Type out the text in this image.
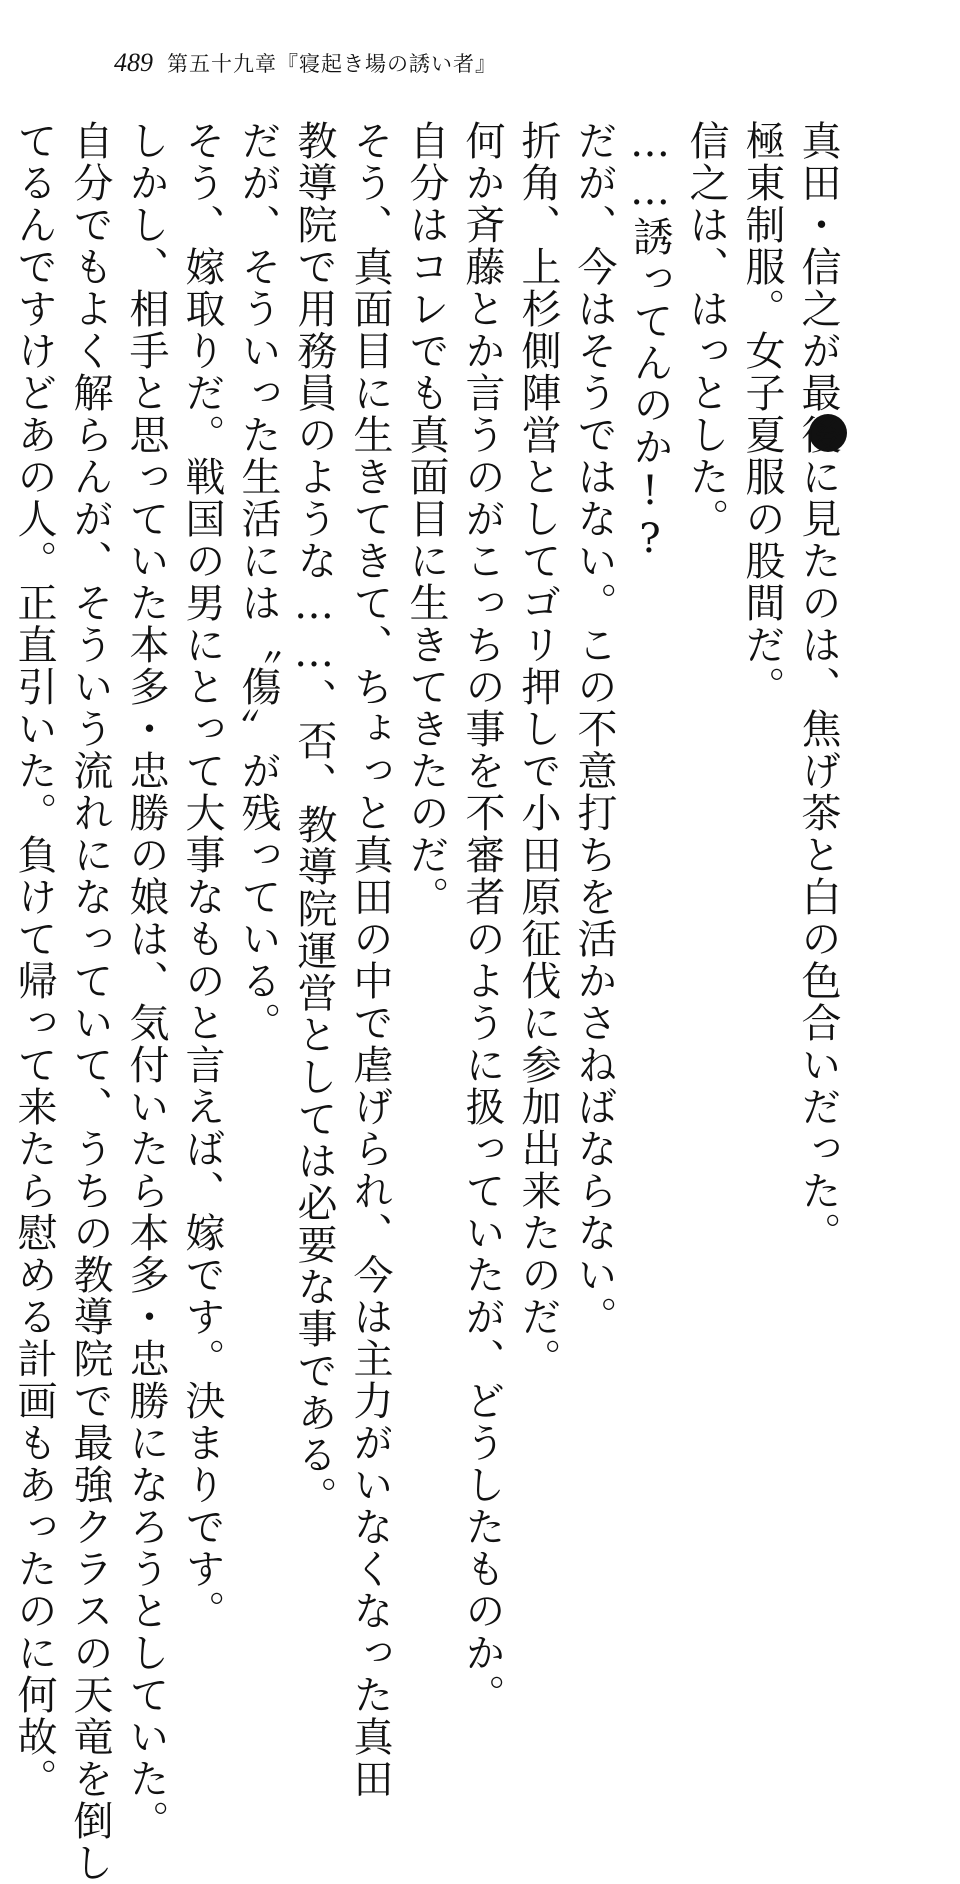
489 第五十九章『寝起き場の誘い者』
真田・信之が最後に見たのは、焦げ茶と白の色合いだった。
極東制服。女子夏服の股間だ。
信之は、はっとした。
……誘ってんのか!?
だが、今はそうではない。この不意打ちを活かさねばならない。
折角、上杉側陣営としてゴリ押しで小田原征伐に参加出来たのだ。
何か斉藤とか言うのがこっちの事を不審者のように扱っていたが、どうしたものか。
自分はコレでも真面目に生きてきたのだ。
そう、真面目に生きてきて、ちょっと真田の中で虐げられ、今は主力がいなくなった真田
教導院で用務員のような……、否、教導院運営としては必要な事である。
だが、そういった生活には〝傷〟が残っている。
そう、嫁取りだ。戦国の男にとって大事なものと言えば、嫁です。決まりです。
しかし、相手と思っていた本多・忠勝の娘は、気付いたら本多・忠勝になろうとしていた。
自分でもよく解らんが、そういう流れになっていて、うちの教導院で最強クラスの天竜を倒し
てるんですけどあの人。正直引いた。負けて帰って来たら慰める計画もあったのに何故。
